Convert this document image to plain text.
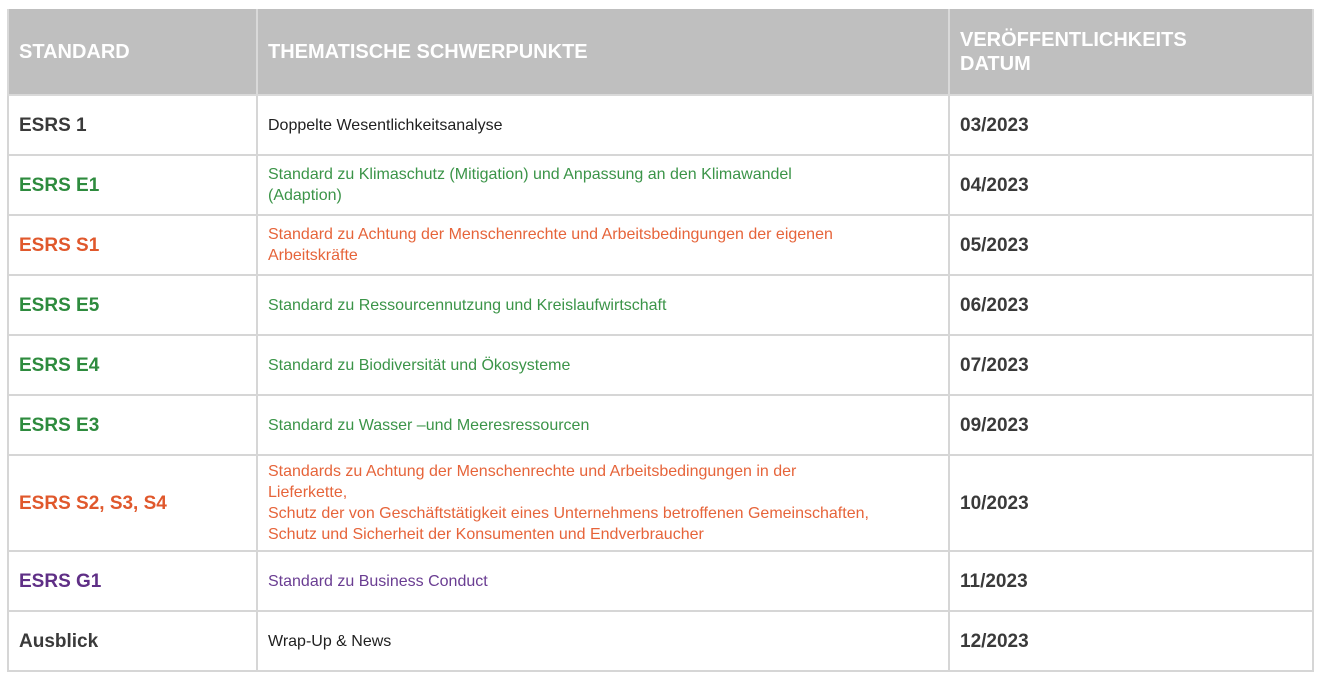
STANDARD	THEMATISCHE SCHWERPUNKTE	VERÖFFENTLICHKEITS
DATUM
ESRS 1	Doppelte Wesentlichkeitsanalyse	03/2023
ESRS E1	Standard zu Klimaschutz (Mitigation) und Anpassung an den Klimawandel
(Adaption)	04/2023
ESRS S1	Standard zu Achtung der Menschenrechte und Arbeitsbedingungen der eigenen
Arbeitskräfte	05/2023
ESRS E5	Standard zu Ressourcennutzung und Kreislaufwirtschaft	06/2023
ESRS E4	Standard zu Biodiversität und Ökosysteme	07/2023
ESRS E3	Standard zu Wasser –und Meeresressourcen	09/2023
ESRS S2, S3, S4	Standards zu Achtung der Menschenrechte und Arbeitsbedingungen in der
Lieferkette,
Schutz der von Geschäftstätigkeit eines Unternehmens betroffenen Gemeinschaften,
Schutz und Sicherheit der Konsumenten und Endverbraucher	10/2023
ESRS G1	Standard zu Business Conduct	11/2023
Ausblick	Wrap-Up & News	12/2023
